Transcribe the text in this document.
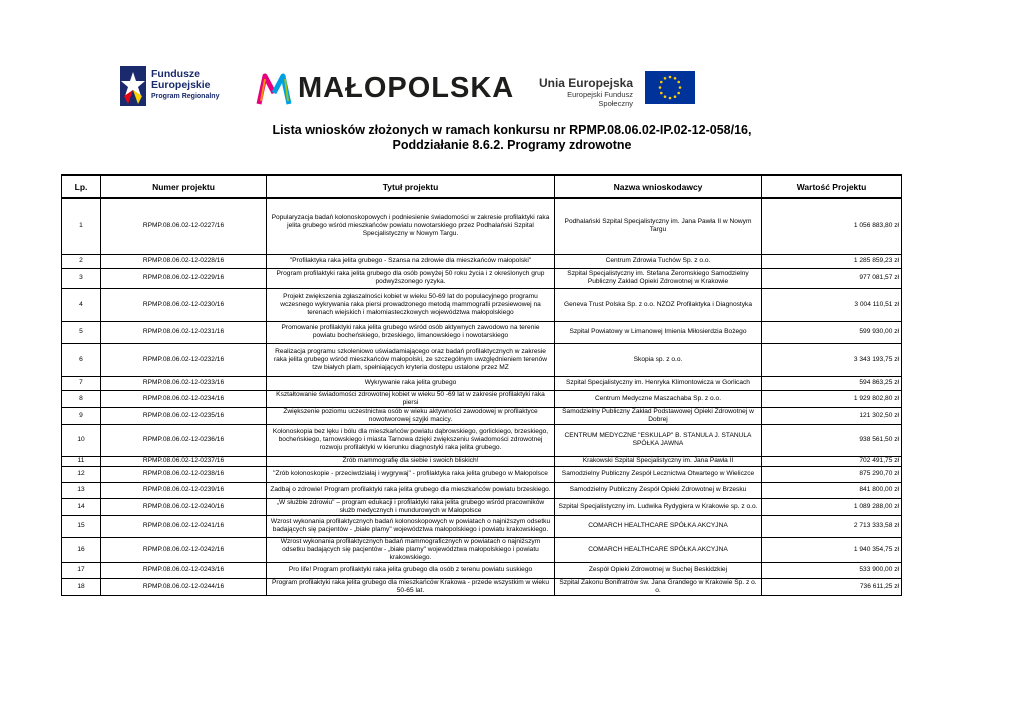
Fundusze
Europejskie
Program Regionalny	MAŁOPOLSKA	Unia Europejska
Europejski Fundusz Społeczny
Lista wniosków złożonych w ramach konkursu nr RPMP.08.06.02-IP.02-12-058/16,
Poddziałanie 8.6.2. Programy zdrowotne
Lp.	Numer projektu	Tytuł projektu	Nazwa wnioskodawcy	Wartość Projektu
1	RPMP.08.06.02-12-0227/16	Popularyzacja badań kolonoskopowych i podniesienie świadomości w zakresie profilaktyki raka jelita grubego wśród mieszkańców powiatu nowotarskiego przez Podhalański Szpital Specjalistyczny w Nowym Targu.	Podhalański Szpital Specjalistyczny im. Jana Pawła II w Nowym Targu	1 056 883,80 zł
2	RPMP.08.06.02-12-0228/16	"Profilaktyka raka jelita grubego - Szansa na zdrowie dla mieszkańców małopolski"	Centrum Zdrowia Tuchów Sp. z o.o.	1 285 859,23 zł
3	RPMP.08.06.02-12-0229/16	Program profilaktyki raka jelita grubego dla osób powyżej 50 roku życia i z określonych grup podwyższonego ryzyka.	Szpital Specjalistyczny im. Stefana Żeromskiego Samodzielny Publiczny Zakład Opieki Zdrowotnej w Krakowie	977 081,57 zł
4	RPMP.08.06.02-12-0230/16	Projekt zwiększenia zgłaszalności kobiet w wieku 50-69 lat do populacyjnego programu wczesnego wykrywania raka piersi prowadzonego metodą mammografii przesiewowej na terenach wiejskich i małomiasteczkowych województwa małopolskiego	Geneva Trust Polska Sp. z o.o. NZOZ Profilaktyka i Diagnostyka	3 004 110,51 zł
5	RPMP.08.06.02-12-0231/16	Promowanie profilaktyki raka jelita grubego wśród osób aktywnych zawodowo na terenie powiatu bocheńskiego, brzeskiego, limanowskiego i nowotarskiego	Szpital Powiatowy w Limanowej Imienia Miłosierdzia Bożego	599 930,00 zł
6	RPMP.08.06.02-12-0232/16	Realizacja programu szkoleniowo uświadamiającego oraz badań profilaktycznych w zakresie raka jelita grubego wśród mieszkańców małopolski, ze szczególnym uwzględnieniem terenów tzw białych plam, spełniających kryteria dostępu ustalone przez MZ	Skopia sp. z o.o.	3 343 193,75 zł
7	RPMP.08.06.02-12-0233/16	Wykrywanie raka jelita grubego	Szpital Specjalistyczny im. Henryka Klimontowicza w Gorlicach	594 863,25 zł
8	RPMP.08.06.02-12-0234/16	Kształtowanie świadomości zdrowotnej kobiet w wieku 50 -69 lat w zakresie profilaktyki raka piersi	Centrum Medyczne Maszachaba Sp. z o.o.	1 929 802,80 zł
9	RPMP.08.06.02-12-0235/16	Zwiększenie poziomu uczestnictwa osób w wieku aktywności zawodowej w profilaktyce nowotworowej szyjki macicy.	Samodzielny Publiczny Zakład Podstawowej Opieki Zdrowotnej w Dobrej	121 302,50 zł
10	RPMP.08.06.02-12-0236/16	Kolonoskopia bez lęku i bólu dla mieszkańców powiatu dąbrowskiego, gorlickiego, brzeskiego, bocheńskiego, tarnowskiego i miasta Tarnowa dzięki zwiększeniu świadomości zdrowotnej rozwoju profilaktyki w kierunku diagnostyki raka jelita grubego.	CENTRUM MEDYCZNE "ESKULAP" B. STANULA J. STANULA SPÓŁKA JAWNA	938 561,50 zł
11	RPMP.08.06.02-12-0237/16	Zrób mammografię dla siebie i swoich bliskich!	Krakowski Szpital Specjalistyczny im. Jana Pawła II	702 491,75 zł
12	RPMP.08.06.02-12-0238/16	"Zrób kolonoskopie - przeciwdziałaj i wygrywaj" - profilaktyka raka jelita grubego w Małopolsce	Samodzielny Publiczny Zespół Lecznictwa Otwartego w Wieliczce	875 290,70 zł
13	RPMP.08.06.02-12-0239/16	Zadbaj o zdrowie! Program profilaktyki raka jelita grubego dla mieszkańców powiatu brzeskiego.	Samodzielny Publiczny Zespół Opieki Zdrowotnej w Brzesku	841 800,00 zł
14	RPMP.08.06.02-12-0240/16	„W służbie zdrowiu" – program edukacji i profilaktyki raka jelita grubego wśród pracowników służb medycznych i mundurowych w Małopolsce	Szpital Specjalistyczny im. Ludwika Rydygiera w Krakowie sp. z o.o.	1 089 288,00 zł
15	RPMP.08.06.02-12-0241/16	Wzrost wykonania profilaktycznych badań kolonoskopowych w powiatach o najniższym odsetku badających się pacjentów - „białe plamy" województwa małopolskiego i powiatu krakowskiego.	COMARCH HEALTHCARE SPÓŁKA AKCYJNA	2 713 333,58 zł
16	RPMP.08.06.02-12-0242/16	Wzrost wykonania profilaktycznych badań mammograficznych w powiatach o najniższym odsetku badających się pacjentów - „białe plamy" województwa małopolskiego i powiatu krakowskiego.	COMARCH HEALTHCARE SPÓŁKA AKCYJNA	1 940 354,75 zł
17	RPMP.08.06.02-12-0243/16	Pro life! Program profilaktyki raka jelita grubego dla osób z terenu powiatu suskiego	Zespół Opieki Zdrowotnej w Suchej Beskidzkiej	533 900,00 zł
18	RPMP.08.06.02-12-0244/16	Program profilaktyki raka jelita grubego dla mieszkańców Krakowa - przede wszystkim w wieku 50-65 lat.	Szpital Zakonu Bonifratrów św. Jana Grandego w Krakowie Sp. z o. o.	736 611,25 zł
